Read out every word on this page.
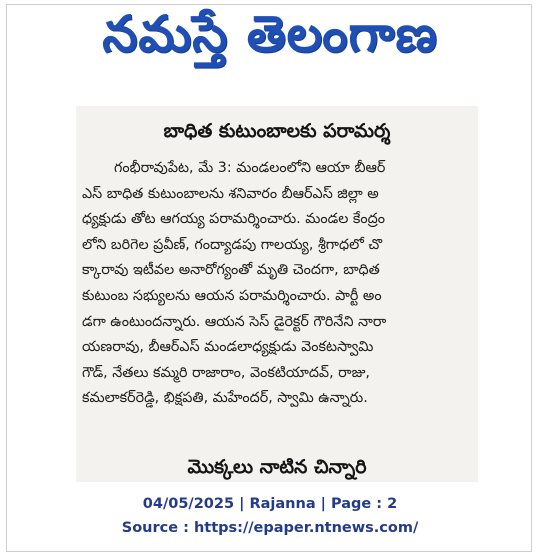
నమస్తే తెలంగాణ
బాధిత కుటుంబాలకు పరామర్శ
గంభీరావుపేట, మే 3: మండలంలోని ఆయా బీఆర్
ఎస్ బాధిత కుటుంబాలను శనివారం బీఆర్ఎస్ జిల్లా అ
ధ్యక్షుడు తోట ఆగయ్య పరామర్శించారు. మండల కేంద్రం
లోని బరిగెల ప్రవీణ్, గంద్యాడపు గాలయ్య, శ్రీగాధలో చొ
క్కారావు ఇటీవల అనారోగ్యంతో మృతి చెందగా, బాధిత
కుటుంబ సభ్యులను ఆయన పరామర్శించారు. పార్టీ అం
డగా ఉంటుందన్నారు. ఆయన సెస్ డైరెక్టర్ గౌరినేని నారా
యణరావు, బీఆర్ఎస్ మండలాధ్యక్షుడు వెంకటస్వామి
గౌడ్, నేతలు కమ్మరి రాజారాం, వెంకటియాదవ్, రాజు,
కమలాకర్‌రెడ్డి, భిక్షపతి, మహేందర్, స్వామి ఉన్నారు.
మొక్కలు నాటిన చిన్నారి
04/05/2025 | Rajanna | Page : 2
Source : https://epaper.ntnews.com/
